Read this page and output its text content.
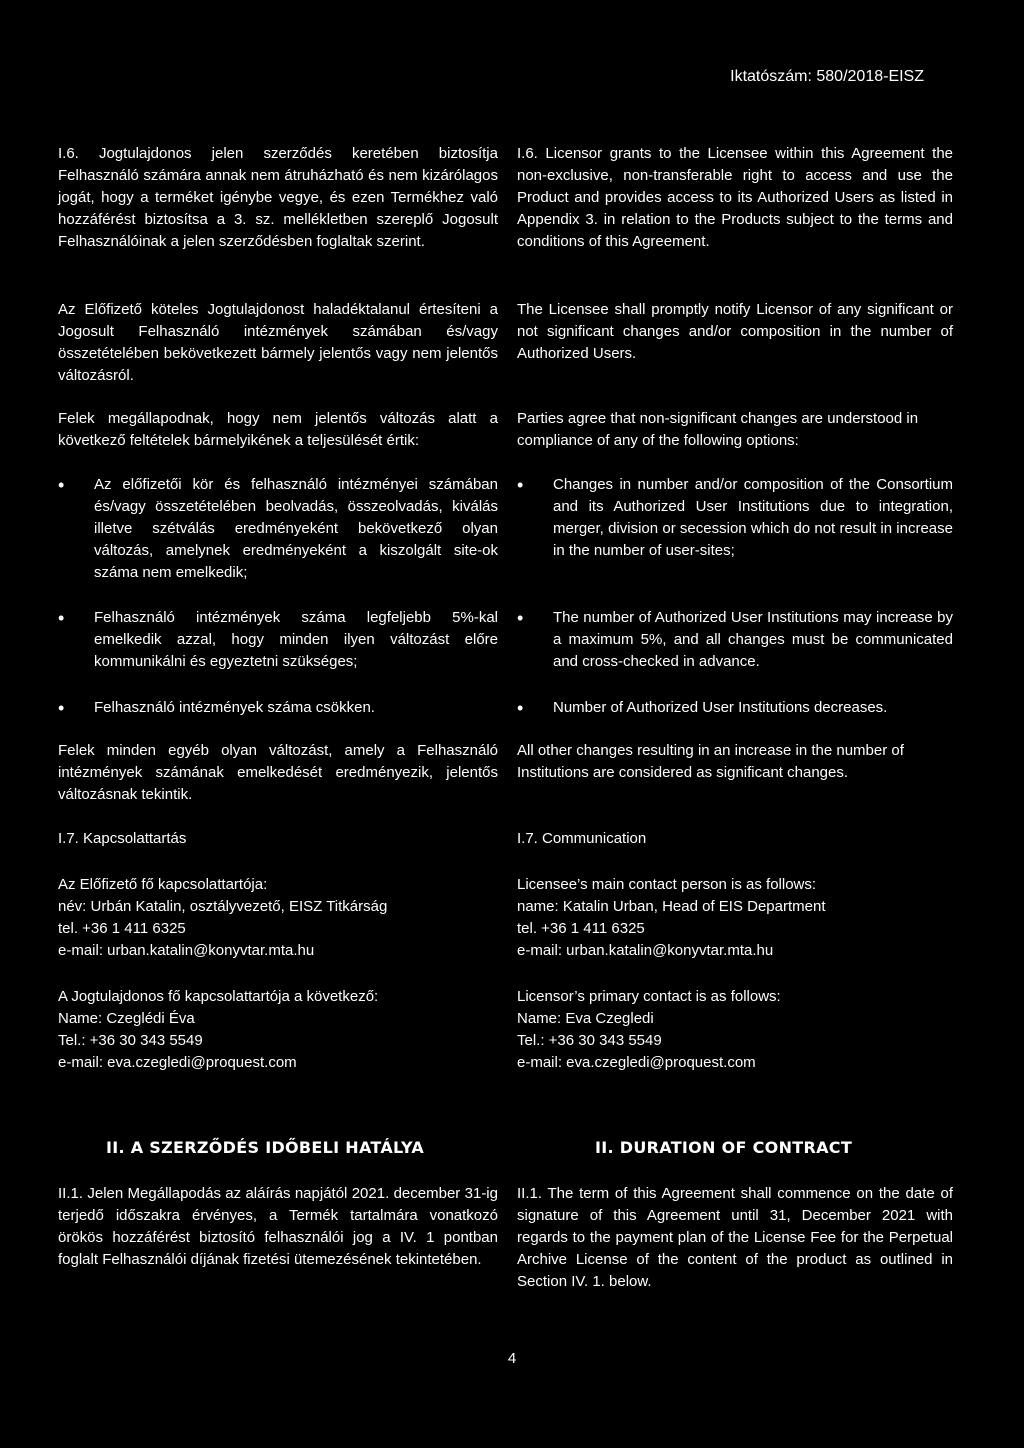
Iktatószám: 580/2018-EISZ
I.6. Jogtulajdonos jelen szerződés keretében biztosítja Felhasználó számára annak nem átruházható és nem kizárólagos jogát, hogy a terméket igénybe vegye, és ezen Termékhez való hozzáférést biztosítsa a 3. sz. mellékletben szereplő Jogosult Felhasználóinak a jelen szerződésben foglaltak szerint.
Az Előfizető köteles Jogtulajdonost haladéktalanul értesíteni a Jogosult Felhasználó intézmények számában és/vagy összetételében bekövetkezett bármely jelentős vagy nem jelentős változásról.
Felek megállapodnak, hogy nem jelentős változás alatt a következő feltételek bármelyikének a teljesülését értik:
•	Az előfizetői kör és felhasználó intézményei számában és/vagy összetételében beolvadás, összeolvadás, kiválás illetve szétválás eredményeként bekövetkező olyan változás, amelynek eredményeként a kiszolgált site-ok száma nem emelkedik;
•	Felhasználó intézmények száma legfeljebb 5%-kal emelkedik azzal, hogy minden ilyen változást előre kommunikálni és egyeztetni szükséges;
•	Felhasználó intézmények száma csökken.
Felek minden egyéb olyan változást, amely a Felhasználó intézmények számának emelkedését eredményezik, jelentős változásnak tekintik.
I.7. Kapcsolattartás
Az Előfizető fő kapcsolattartója:
név: Urbán Katalin, osztályvezető, EISZ Titkárság
tel. +36 1 411 6325
e-mail: urban.katalin@konyvtar.mta.hu
A Jogtulajdonos fő kapcsolattartója a következő:
Name: Czeglédi Éva
Tel.: +36 30 343 5549
e-mail: eva.czegledi@proquest.com
II. A SZERZŐDÉS IDŐBELI HATÁLYA
II.1. Jelen Megállapodás az aláírás napjától 2021. december 31-ig terjedő időszakra érvényes, a Termék tartalmára vonatkozó örökös hozzáférést biztosító felhasználói jog a IV. 1 pontban foglalt Felhasználói díjának fizetési ütemezésének tekintetében.
I.6. Licensor grants to the Licensee within this Agreement the non-exclusive, non-transferable right to access and use the Product and provides access to its Authorized Users as listed in Appendix 3. in relation to the Products subject to the terms and conditions of this Agreement.
The Licensee shall promptly notify Licensor of any significant or not significant changes and/or composition in the number of Authorized Users.
Parties agree that non-significant changes are understood in compliance of any of the following options:
•	Changes in number and/or composition of the Consortium and its Authorized User Institutions due to integration, merger, division or secession which do not result in increase in the number of user-sites;
•	The number of Authorized User Institutions may increase by a maximum 5%, and all changes must be communicated and cross-checked in advance.
•	Number of Authorized User Institutions decreases.
All other changes resulting in an increase in the number of Institutions are considered as significant changes.
I.7. Communication
Licensee’s main contact person is as follows:
name: Katalin Urban, Head of EIS Department
tel. +36 1 411 6325
e-mail: urban.katalin@konyvtar.mta.hu
Licensor’s primary contact is as follows:
Name: Eva Czegledi
Tel.: +36 30 343 5549
e-mail: eva.czegledi@proquest.com
II. DURATION OF CONTRACT
II.1. The term of this Agreement shall commence on the date of signature of this Agreement until 31, December 2021 with regards to the payment plan of the License Fee for the Perpetual Archive License of the content of the product as outlined in Section IV. 1. below.
4
